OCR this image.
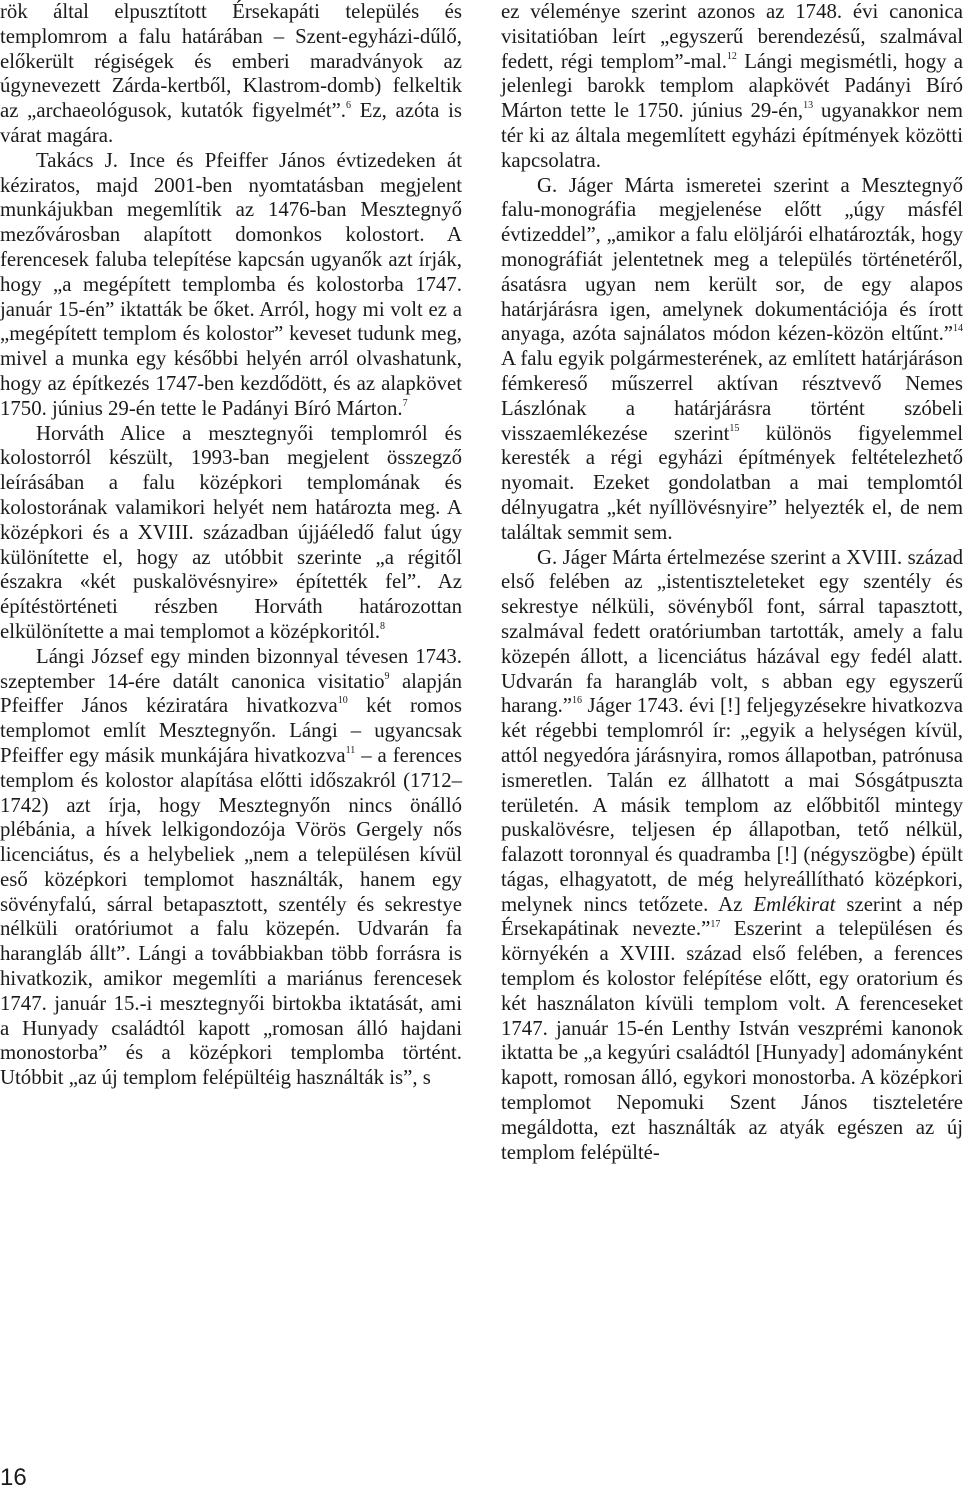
rök által elpusztított Érsekapáti település és templomrom a falu határában – Szent-egyházi-dűlő, előkerült régiségek és emberi maradványok az úgynevezett Zárda-kertből, Klastrom-domb) felkeltik az „archaeológusok, kutatók figyelmét”.$^6$ Ez, azóta is várat magára.

Takács J. Ince és Pfeiffer János évtizedeken át kéziratos, majd 2001-ben nyomtatásban megjelent munkájukban megemlítik az 1476-ban Mesztegnyő mezővárosban alapított domonkos kolostort. A ferencesek faluba telepítése kapcsán ugyanők azt írják, hogy „a megépített templomba és kolostorba 1747. január 15-én” iktatták be őket. Arról, hogy mi volt ez a „megépített templom és kolostor” keveset tudunk meg, mivel a munka egy későbbi helyén arról olvashatunk, hogy az építkezés 1747-ben kezdődött, és az alapkövet 1750. június 29-én tette le Padányi Bíró Márton.$^7$

Horváth Alice a mesztegnyői templomról és kolostorról készült, 1993-ban megjelent összegző leírásában a falu középkori templomának és kolostorának valamikori helyét nem határozta meg. A középkori és a XVIII. században újjáéledő falut úgy különítette el, hogy az utóbbit szerinte „a régitől északra «két puskalövésnyire» építették fel”. Az építéstörténeti részben Horváth határozottan elkülönítette a mai templomot a középkoritól.$^8$

Lángi József egy minden bizonnyal tévesen 1743. szeptember 14-ére datált canonica visitatio$^9$ alapján Pfeiffer János kéziratára hivatkozva$^{10}$ két romos templomot említ Mesztegnyőn. Lángi – ugyancsak Pfeiffer egy másik munkájára hivatkozva$^{11}$ – a ferences templom és kolostor alapítása előtti időszakról (1712–1742) azt írja, hogy Mesztegnyőn nincs önálló plébánia, a hívek lelkigondozója Vörös Gergely nős licenciátus, és a helybeliek „nem a településen kívül eső középkori templomot használták, hanem egy sövényfalú, sárral betapasztott, szentély és sekrestye nélküli oratóriumot a falu közepén. Udvarán fa harangláb állt”. Lángi a továbbiakban több forrásra is hivatkozik, amikor megemlíti a mariánus ferencesek 1747. január 15.-i mesztegnyői birtokba iktatását, ami a Hunyady családtól kapott „romosan álló hajdani monostorba” és a középkori templomba történt. Utóbbit „az új templom felépültéig használták is”, s

ez véleménye szerint azonos az 1748. évi canonica visitatióban leírt „egyszerű berendezésű, szalmával fedett, régi templom”-mal.$^{12}$ Lángi megismétli, hogy a jelenlegi barokk templom alapkövét Padányi Bíró Márton tette le 1750. június 29-én,$^{13}$ ugyanakkor nem tér ki az általa megemlített egyházi építmények közötti kapcsolatra.

G. Jáger Márta ismeretei szerint a Mesztegnyő falu-monográfia megjelenése előtt „úgy másfél évtizeddel”, „amikor a falu elöljárói elhatározták, hogy monográfiát jelentetnek meg a település történetéről, ásatásra ugyan nem került sor, de egy alapos határjárásra igen, amelynek dokumentációja és írott anyaga, azóta sajnálatos módon kézen-közön eltűnt.”$^{14}$ A falu egyik polgármesterének, az említett határjáráson fémkereső műszerrel aktívan résztvevő Nemes Lászlónak a határjárásra történt szóbeli visszaemlékezése szerint$^{15}$ különös figyelemmel keresték a régi egyházi építmények feltételezhető nyomait. Ezeket gondolatban a mai templomtól délnyugatra „két nyíllövésnyire” helyezték el, de nem találtak semmit sem.

G. Jáger Márta értelmezése szerint a XVIII. század első felében az „istentiszteleteket egy szentély és sekrestye nélküli, sövényből font, sárral tapasztott, szalmával fedett oratóriumban tartották, amely a falu közepén állott, a licenciátus házával egy fedél alatt. Udvarán fa harangláb volt, s abban egy egyszerű harang.”$^{16}$ Jáger 1743. évi [!] feljegyzésekre hivatkozva két régebbi templomról ír: „egyik a helységen kívül, attól negyedóra járásnyira, romos állapotban, patrónusa ismeretlen. Talán ez állhatott a mai Sósgátpuszta területén. A másik templom az előbbitől mintegy puskalövésre, teljesen ép állapotban, tető nélkül, falazott toronnyal és quadramba [!] (négyszögbe) épült tágas, elhagyatott, de még helyreállítható középkori, melynek nincs tetőzete. Az Emlékirat szerint a nép Érsekapátinak nevezte.”$^{17}$ Eszerint a településen és környékén a XVIII. század első felében, a ferences templom és kolostor felépítése előtt, egy oratorium és két használaton kívüli templom volt. A ferenceseket 1747. január 15-én Lenthy István veszprémi kanonok iktatta be „a kegyúri családtól [Hunyady] adományként kapott, romosan álló, egykori monostorba. A középkori templomot Nepomuki Szent János tiszteletére megáldotta, ezt használták az atyák egészen az új templom felépülté-

16
